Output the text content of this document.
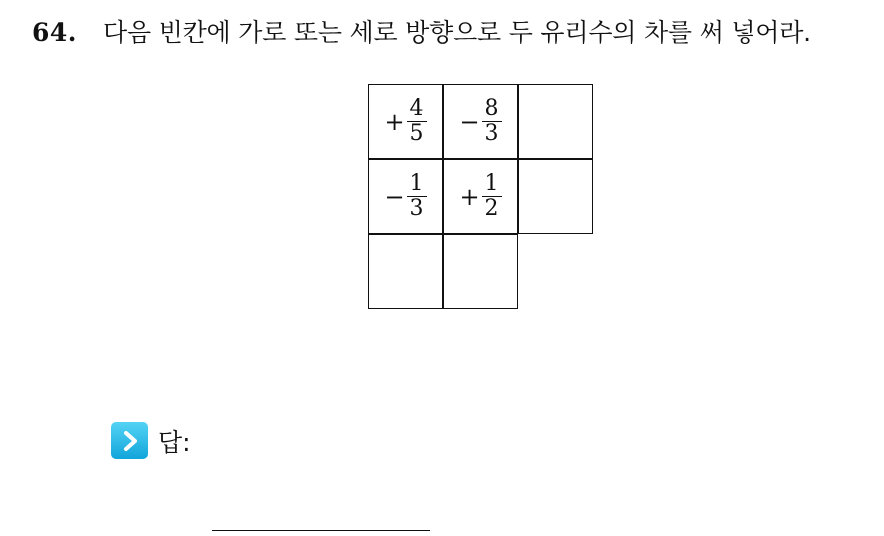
64. 다음 빈칸에 가로 또는 세로 방향으로 두 유리수의 차를 써 넣어라.
+ $\frac{4}{5} - \frac{8}{3}$
− $\frac{1}{3} + \frac{1}{2}$
답:
